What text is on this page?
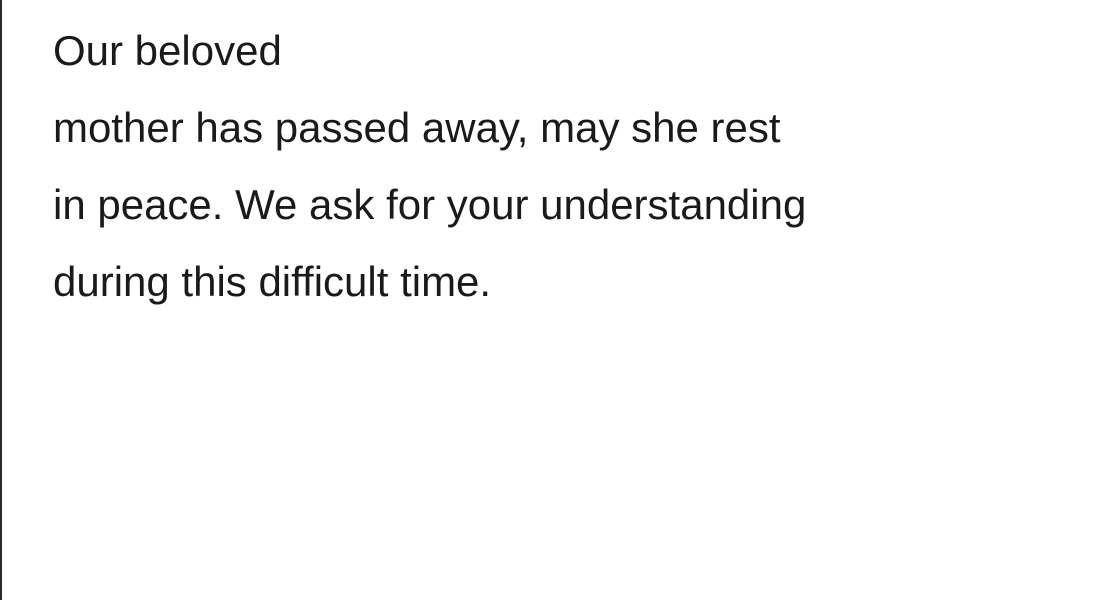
Our beloved
mother has passed away, may she rest
in peace. We ask for your understanding
during this difficult time.
